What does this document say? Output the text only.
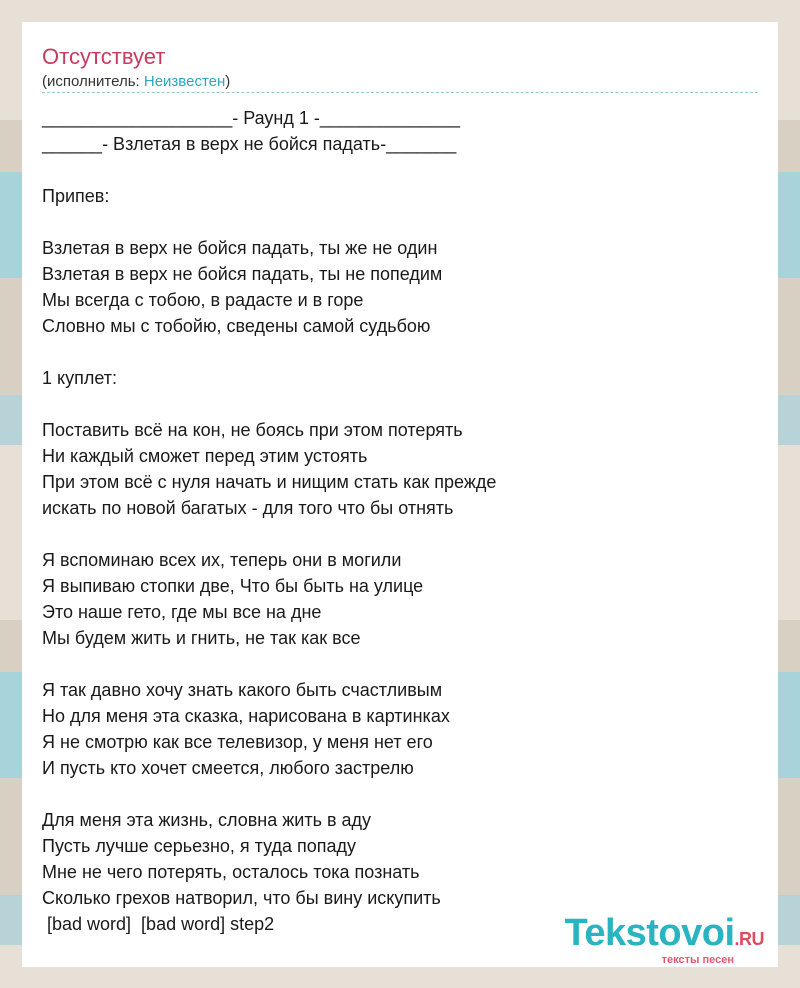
Отсутствует
(исполнитель: Неизвестен)
___________________- Раунд 1 -______________
______- Взлетая в верх не бойся падать-_______
Припев:
Взлетая в верх не бойся падать, ты же не один
Взлетая в верх не бойся падать, ты не попедим
Мы всегда с тобою, в радасте и в горе
Словно мы с тобойю, сведены самой судьбою
1 куплет:
Поставить всё на кон, не боясь при этом потерять
Ни каждый сможет перед этим устоять
При этом всё с нуля начать и нищим стать как прежде
искать по новой багатых - для того что бы отнять
Я вспоминаю всех их, теперь они в могили
Я выпиваю стопки две, Что бы быть на улице
Это наше гето, где мы все на дне
Мы будем жить и гнить, не так как все
Я так давно хочу знать какого быть счастливым
Но для меня эта сказка, нарисована в картинках
Я не смотрю как все телевизор, у меня нет его
И пусть кто хочет смеется, любого застрелю
Для меня эта жизнь, словна жить в аду
Пусть лучше серьезно, я туда попаду
Мне не чего потерять, осталось тока познать
Сколько грехов натворил, что бы вину искупить
[bad word]  [bad word] step2	Tekstovoi.RU
тексты песен
